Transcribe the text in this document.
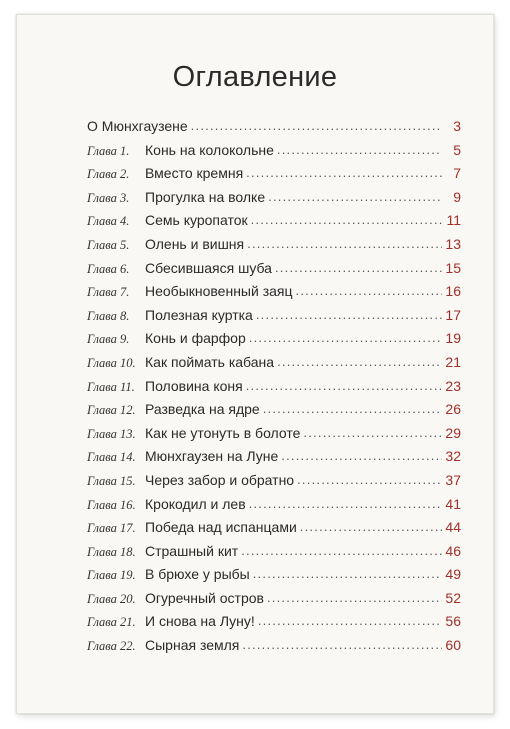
Оглавление
О Мюнхгаузене . . .	3
Глава 1.	Конь на колокольне . . .	5
Глава 2.	Вместо кремня . . .	7
Глава 3.	Прогулка на волке . . .	9
Глава 4.	Семь куропаток . . .	11
Глава 5.	Олень и вишня . . .	13
Глава 6.	Сбесившаяся шуба . . .	15
Глава 7.	Необыкновенный заяц . . .	16
Глава 8.	Полезная куртка . . .	17
Глава 9.	Конь и фарфор . . .	19
Глава 10. Как поймать кабана . . .	21
Глава 11. Половина коня . . .	23
Глава 12. Разведка на ядре . . .	26
Глава 13. Как не утонуть в болоте . . .	29
Глава 14. Мюнхгаузен на Луне . . .	32
Глава 15. Через забор и обратно . . .	37
Глава 16. Крокодил и лев . . .	41
Глава 17. Победа над испанцами . . .	44
Глава 18. Страшный кит . . .	46
Глава 19. В брюхе у рыбы . . .	49
Глава 20. Огуречный остров . . .	52
Глава 21. И снова на Луну! . . .	56
Глава 22. Сырная земля . . .	60
